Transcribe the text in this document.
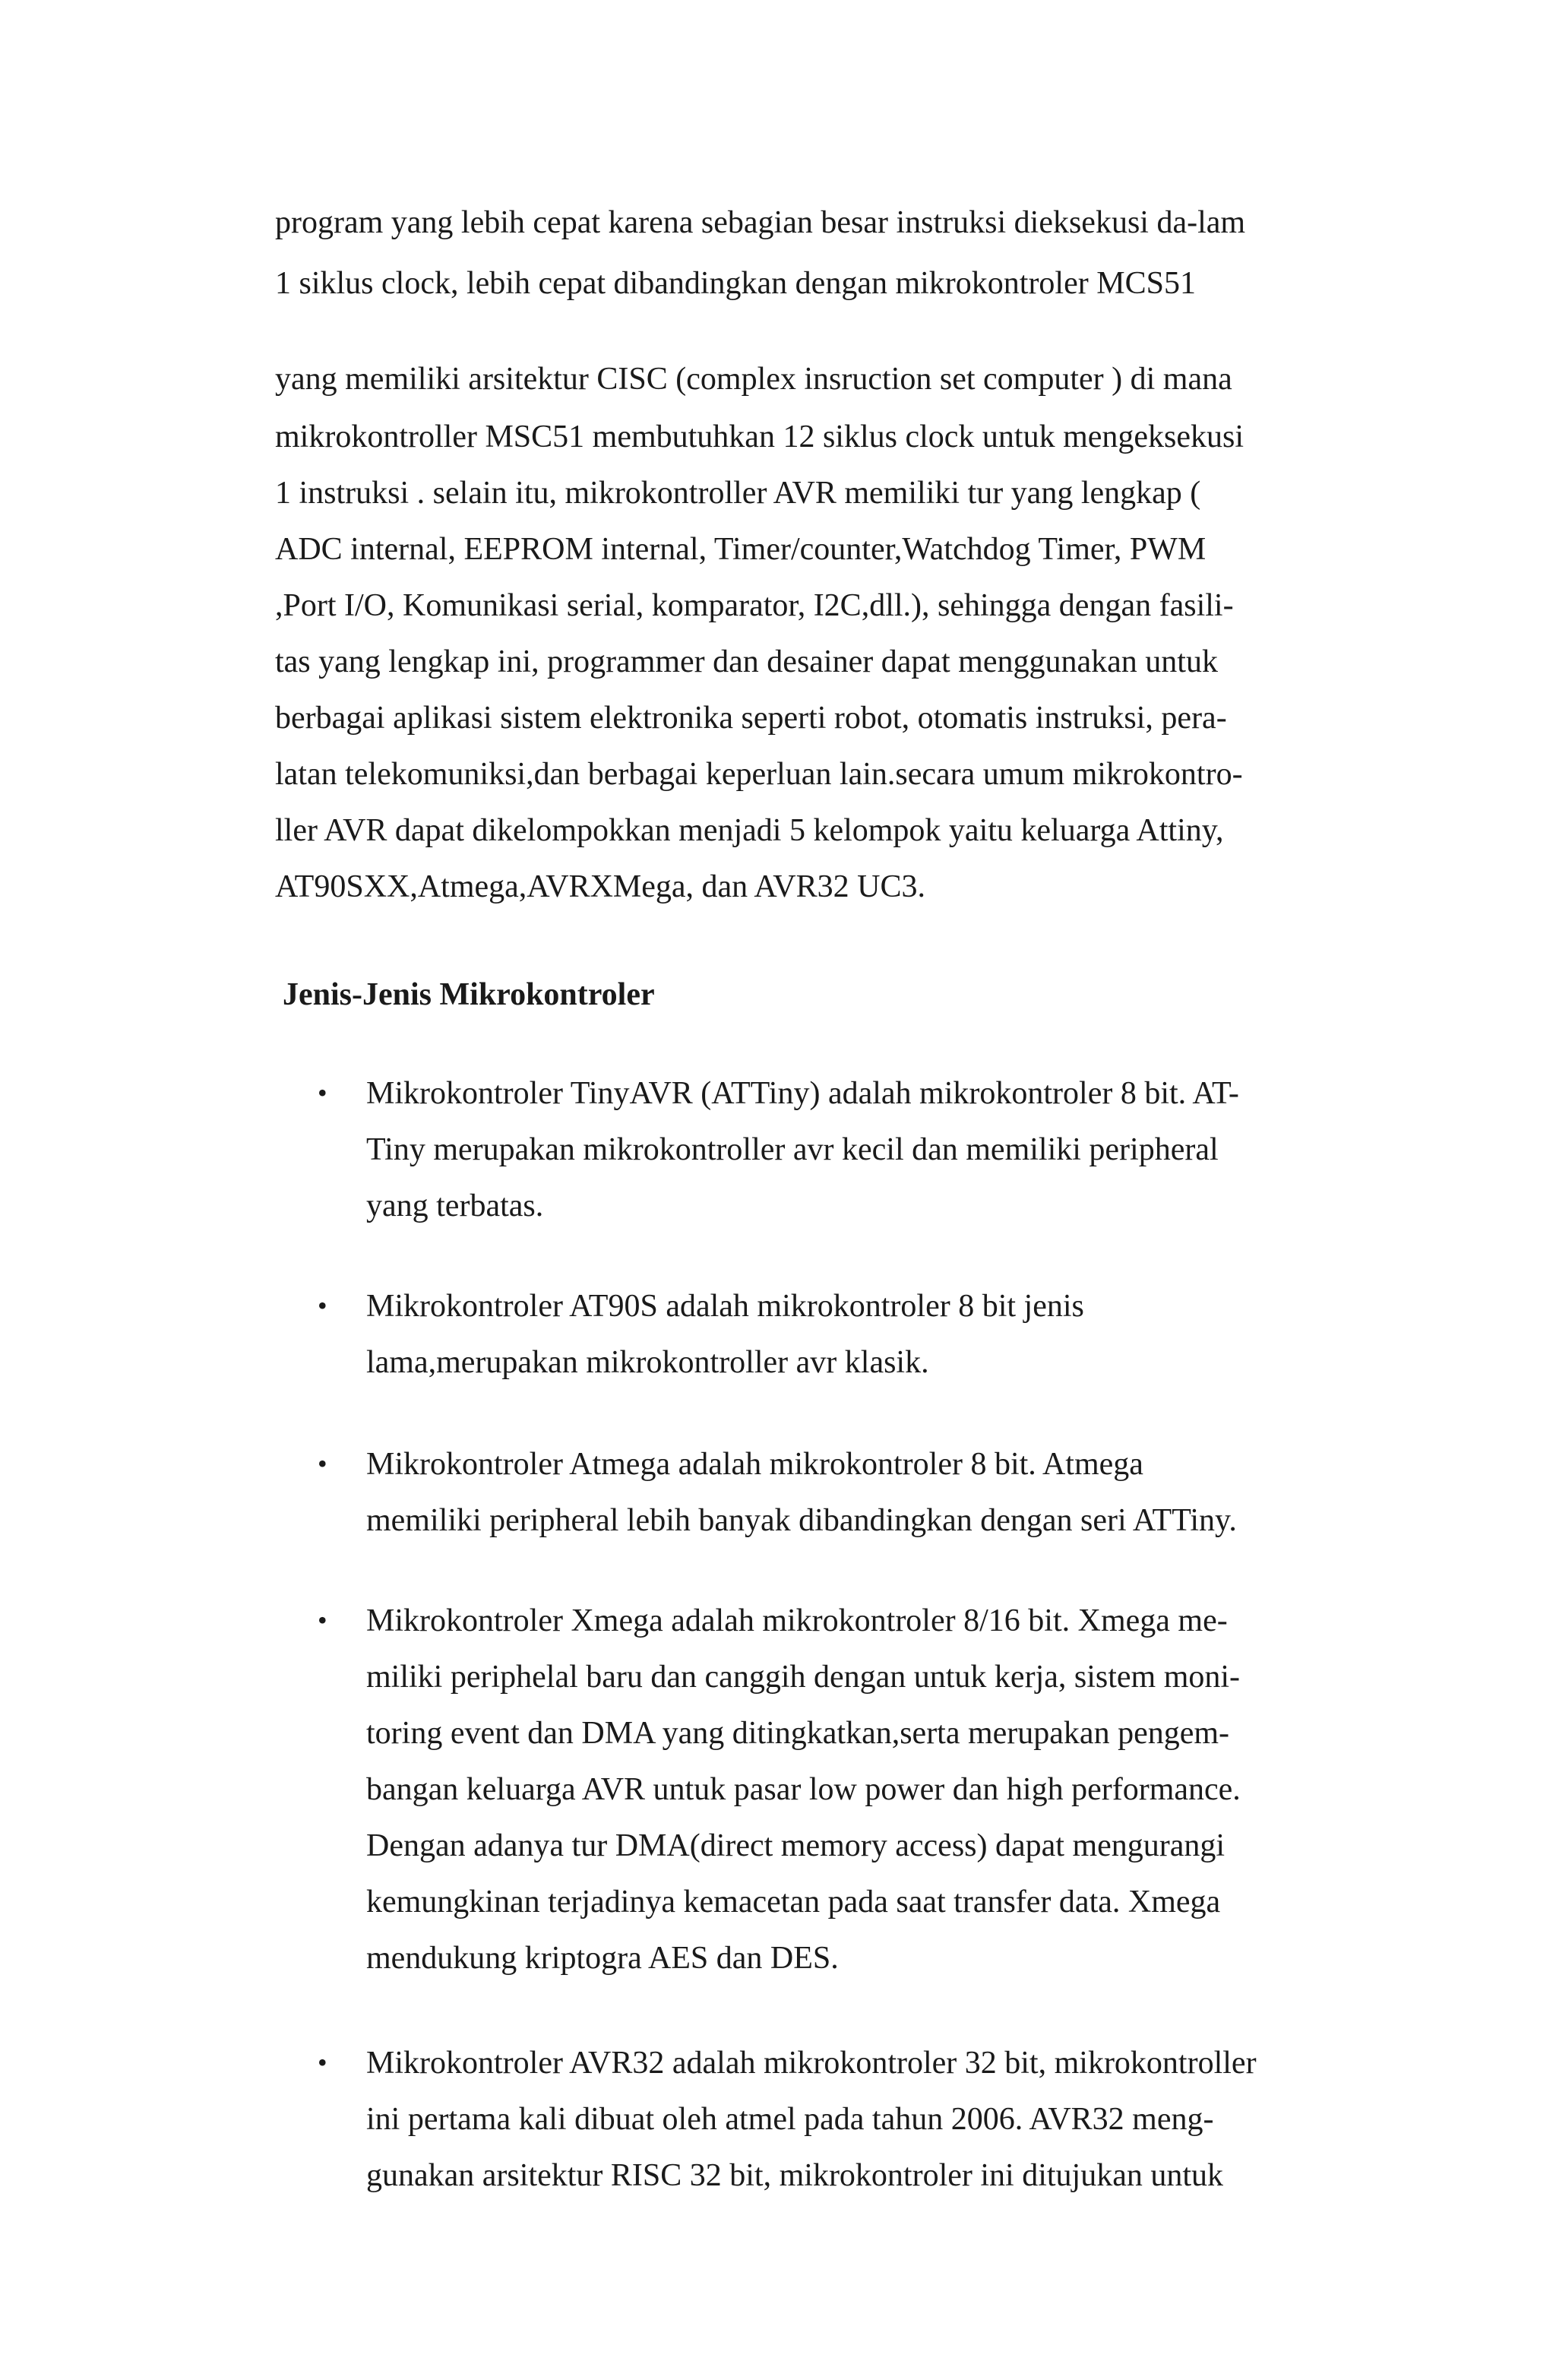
program yang lebih cepat karena sebagian besar instruksi dieksekusi da-lam
1 siklus clock, lebih cepat dibandingkan dengan mikrokontroler MCS51
yang memiliki arsitektur CISC (complex insruction set computer ) di mana
mikrokontroller MSC51 membutuhkan 12 siklus clock untuk mengeksekusi
1 instruksi . selain itu, mikrokontroller AVR memiliki tur yang lengkap (
ADC internal, EEPROM internal, Timer/counter,Watchdog Timer, PWM
,Port I/O, Komunikasi serial, komparator, I2C,dll.), sehingga dengan fasili-
tas yang lengkap ini, programmer dan desainer dapat menggunakan untuk
berbagai aplikasi sistem elektronika seperti robot, otomatis instruksi, pera-
latan telekomuniksi,dan berbagai keperluan lain.secara umum mikrokontro-
ller AVR dapat dikelompokkan menjadi 5 kelompok yaitu keluarga Attiny,
AT90SXX,Atmega,AVRXMega, dan AVR32 UC3.
Jenis-Jenis Mikrokontroler
• Mikrokontroler TinyAVR (ATTiny) adalah mikrokontroler 8 bit. AT-
Tiny merupakan mikrokontroller avr kecil dan memiliki peripheral
yang terbatas.
• Mikrokontroler AT90S adalah mikrokontroler 8 bit jenis
lama,merupakan mikrokontroller avr klasik.
• Mikrokontroler Atmega adalah mikrokontroler 8 bit. Atmega
memiliki peripheral lebih banyak dibandingkan dengan seri ATTiny.
• Mikrokontroler Xmega adalah mikrokontroler 8/16 bit. Xmega me-
miliki periphelal baru dan canggih dengan untuk kerja, sistem moni-
toring event dan DMA yang ditingkatkan,serta merupakan pengem-
bangan keluarga AVR untuk pasar low power dan high performance.
Dengan adanya tur DMA(direct memory access) dapat mengurangi
kemungkinan terjadinya kemacetan pada saat transfer data. Xmega
mendukung kriptogra AES dan DES.
• Mikrokontroler AVR32 adalah mikrokontroler 32 bit, mikrokontroller
ini pertama kali dibuat oleh atmel pada tahun 2006. AVR32 meng-
gunakan arsitektur RISC 32 bit, mikrokontroler ini ditujukan untuk
